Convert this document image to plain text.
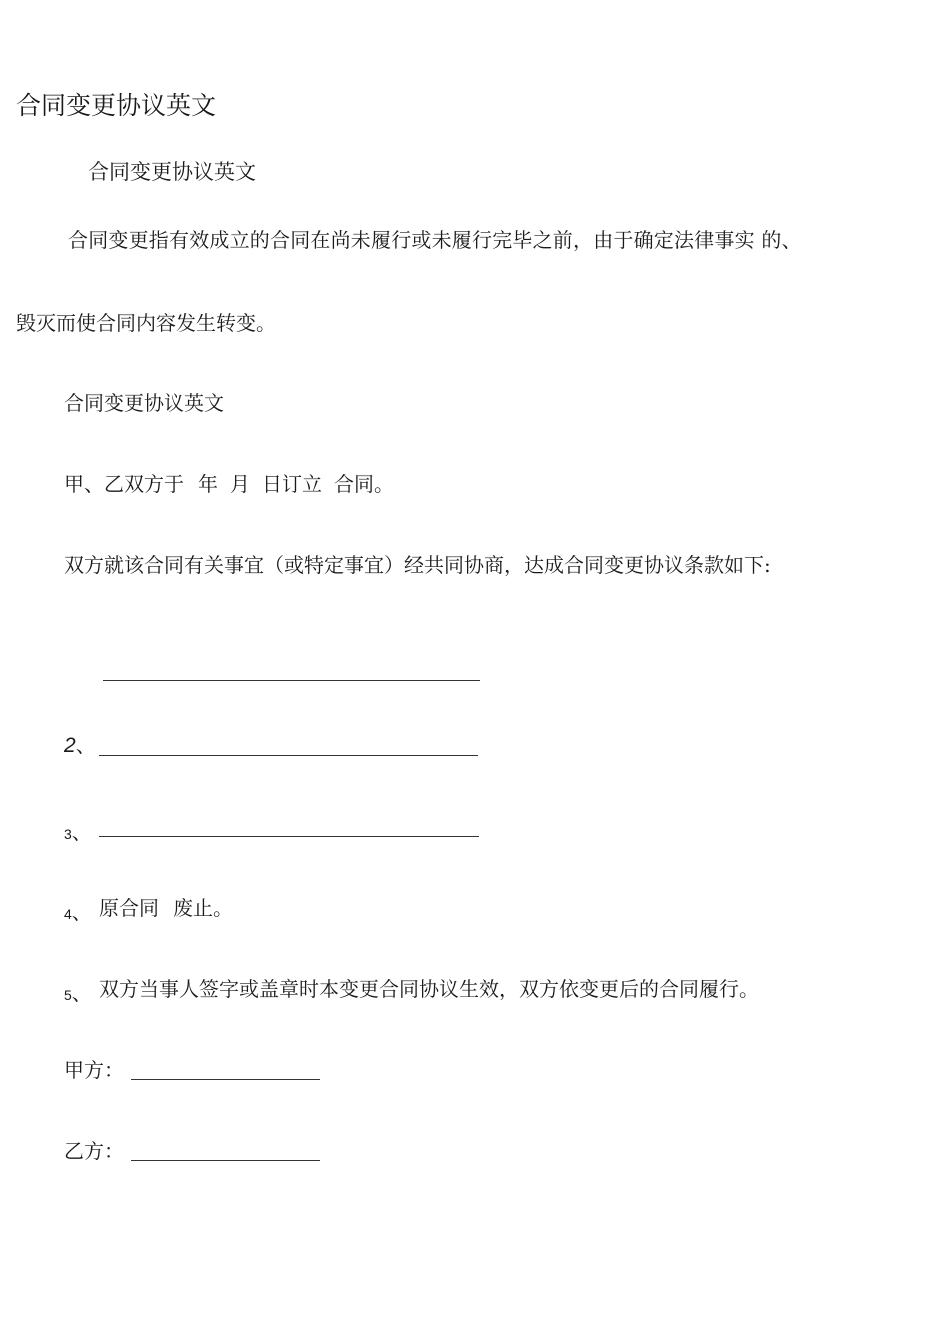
合同变更协议英文
合同变更协议英文
合同变更指有效成立的合同在尚未履行或未履行完毕之前，由于确定法律事实 的、
毁灭而使合同内容发生转变。
合同变更协议英文
甲、乙双方于 年 月 日订立 合同。
双方就该合同有关事宜（或特定事宜）经共同协商，达成合同变更协议条款如下:
2、
3、
4、 原合同 废止。
5、 双方当事人签字或盖章时本变更合同协议生效，双方依变更后的合同履行。
甲方：
乙方：
